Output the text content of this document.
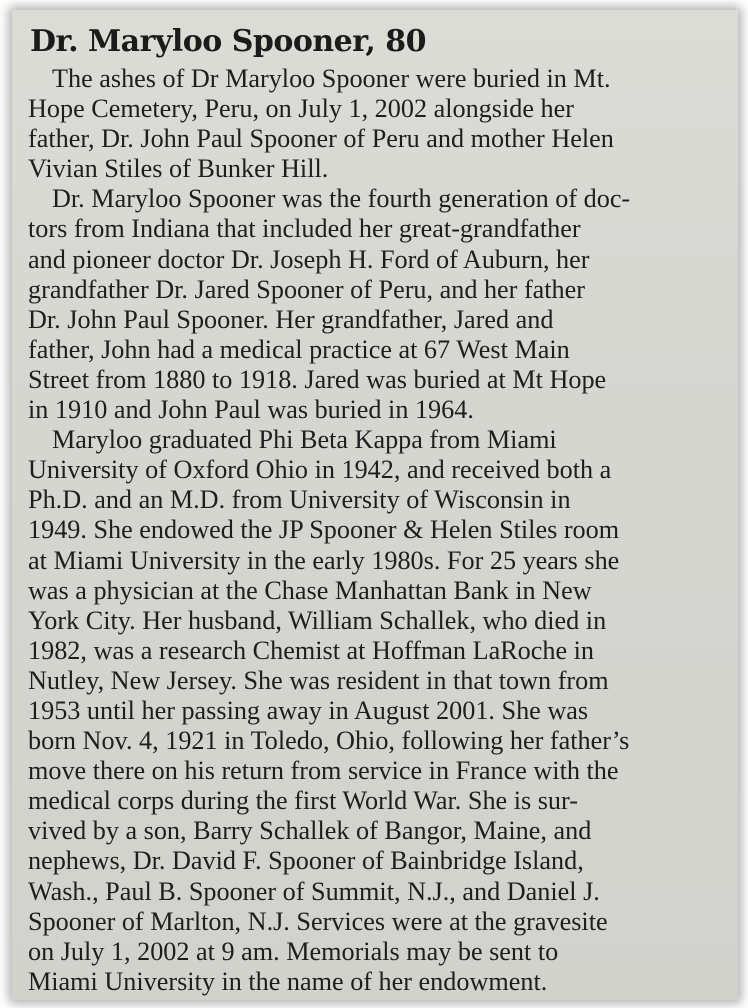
Dr. Maryloo Spooner, 80

The ashes of Dr Maryloo Spooner were buried in Mt.
Hope Cemetery, Peru, on July 1, 2002 alongside her
father, Dr. John Paul Spooner of Peru and mother Helen
Vivian Stiles of Bunker Hill.

Dr. Maryloo Spooner was the fourth generation of doc-
tors from Indiana that included her great-grandfather
and pioneer doctor Dr. Joseph H. Ford of Auburn, her
grandfather Dr. Jared Spooner of Peru, and her father
Dr. John Paul Spooner. Her grandfather, Jared and
father, John had a medical practice at 67 West Main
Street from 1880 to 1918. Jared was buried at Mt Hope
in 1910 and John Paul was buried in 1964.

Maryloo graduated Phi Beta Kappa from Miami
University of Oxford Ohio in 1942, and received both a
Ph.D. and an M.D. from University of Wisconsin in
1949. She endowed the JP Spooner & Helen Stiles room
at Miami University in the early 1980s. For 25 years she
was a physician at the Chase Manhattan Bank in New
York City. Her husband, William Schallek, who died in
1982, was a research Chemist at Hoffman LaRoche in
Nutley, New Jersey. She was resident in that town from
1953 until her passing away in August 2001. She was
born Nov. 4, 1921 in Toledo, Ohio, following her father’s
move there on his return from service in France with the
medical corps during the first World War. She is sur-
vived by a son, Barry Schallek of Bangor, Maine, and
nephews, Dr. David F. Spooner of Bainbridge Island,
Wash., Paul B. Spooner of Summit, N.J., and Daniel J.
Spooner of Marlton, N.J. Services were at the gravesite
on July 1, 2002 at 9 am. Memorials may be sent to
Miami University in the name of her endowment.
